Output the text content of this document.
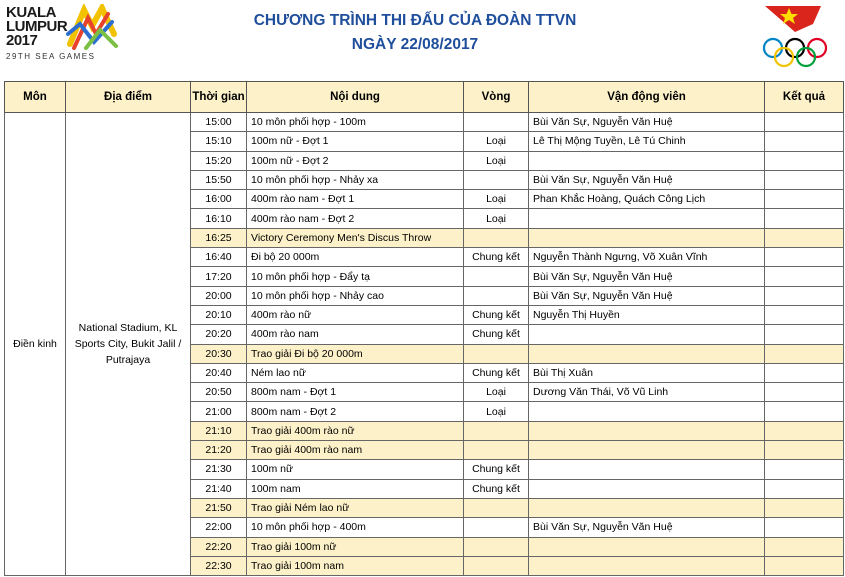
KUALA
LUMPUR
2017
29TH SEA GAMES
CHƯƠNG TRÌNH THI ĐẤU CỦA ĐOÀN TTVN
NGÀY 22/08/2017
Môn	Địa điểm	Thời gian	Nội dung	Vòng	Vận động viên	Kết quả
Điền kinh	National Stadium, KL Sports City, Bukit Jalil / Putrajaya	15:00	10 môn phối hợp - 100m		Bùi Văn Sự, Nguyễn Văn Huệ	
		15:10	100m nữ - Đợt 1	Loại	Lê Thị Mộng Tuyền, Lê Tú Chinh	
		15:20	100m nữ - Đợt 2	Loại		
		15:50	10 môn phối hợp - Nhảy xa		Bùi Văn Sự, Nguyễn Văn Huệ	
		16:00	400m rào nam - Đợt 1	Loại	Phan Khắc Hoàng, Quách Công Lịch	
		16:10	400m rào nam - Đợt 2	Loại		
		16:25	Victory Ceremony Men's Discus Throw			
		16:40	Đi bộ 20 000m	Chung kết	Nguyễn Thành Ngưng, Võ Xuân Vĩnh	
		17:20	10 môn phối hợp - Đẩy tạ		Bùi Văn Sự, Nguyễn Văn Huệ	
		20:00	10 môn phối hợp - Nhảy cao		Bùi Văn Sự, Nguyễn Văn Huệ	
		20:10	400m rào nữ	Chung kết	Nguyễn Thị Huyền	
		20:20	400m rào nam	Chung kết		
		20:30	Trao giải Đi bộ 20 000m			
		20:40	Ném lao nữ	Chung kết	Bùi Thị Xuân	
		20:50	800m nam - Đợt 1	Loại	Dương Văn Thái, Võ Vũ Linh	
		21:00	800m nam - Đợt 2	Loại		
		21:10	Trao giải 400m rào nữ			
		21:20	Trao giải 400m rào nam			
		21:30	100m nữ	Chung kết		
		21:40	100m nam	Chung kết		
		21:50	Trao giải Ném lao nữ			
		22:00	10 môn phối hợp - 400m		Bùi Văn Sự, Nguyễn Văn Huệ	
		22:20	Trao giải 100m nữ			
		22:30	Trao giải 100m nam			
